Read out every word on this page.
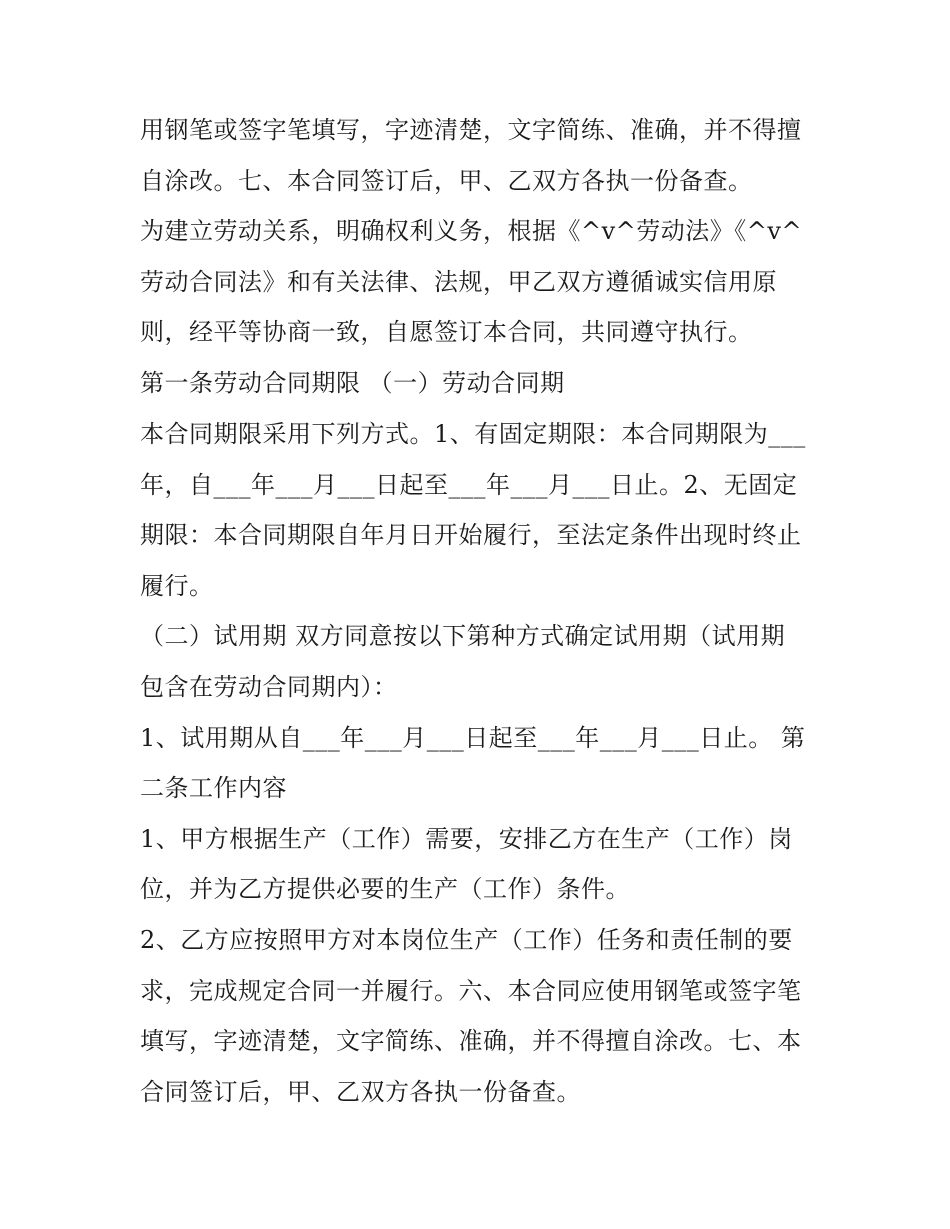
用钢笔或签字笔填写，字迹清楚，文字简练、准确，并不得擅
自涂改。七、本合同签订后，甲、乙双方各执一份备查。
为建立劳动关系，明确权利义务，根据《^v^劳动法》《^v^
劳动合同法》和有关法律、法规，甲乙双方遵循诚实信用原
则，经平等协商一致，自愿签订本合同，共同遵守执行。
第一条劳动合同期限 （一）劳动合同期
本合同期限采用下列方式。1、有固定期限：本合同期限为___
年，自___年___月___日起至___年___月___日止。2、无固定
期限：本合同期限自年月日开始履行，至法定条件出现时终止
履行。
（二）试用期 双方同意按以下第种方式确定试用期（试用期
包含在劳动合同期内）：
1、试用期从自___年___月___日起至___年___月___日止。 第
二条工作内容
1、甲方根据生产（工作）需要，安排乙方在生产（工作）岗
位，并为乙方提供必要的生产（工作）条件。
2、乙方应按照甲方对本岗位生产（工作）任务和责任制的要
求，完成规定合同一并履行。六、本合同应使用钢笔或签字笔
填写，字迹清楚，文字简练、准确，并不得擅自涂改。七、本
合同签订后，甲、乙双方各执一份备查。
